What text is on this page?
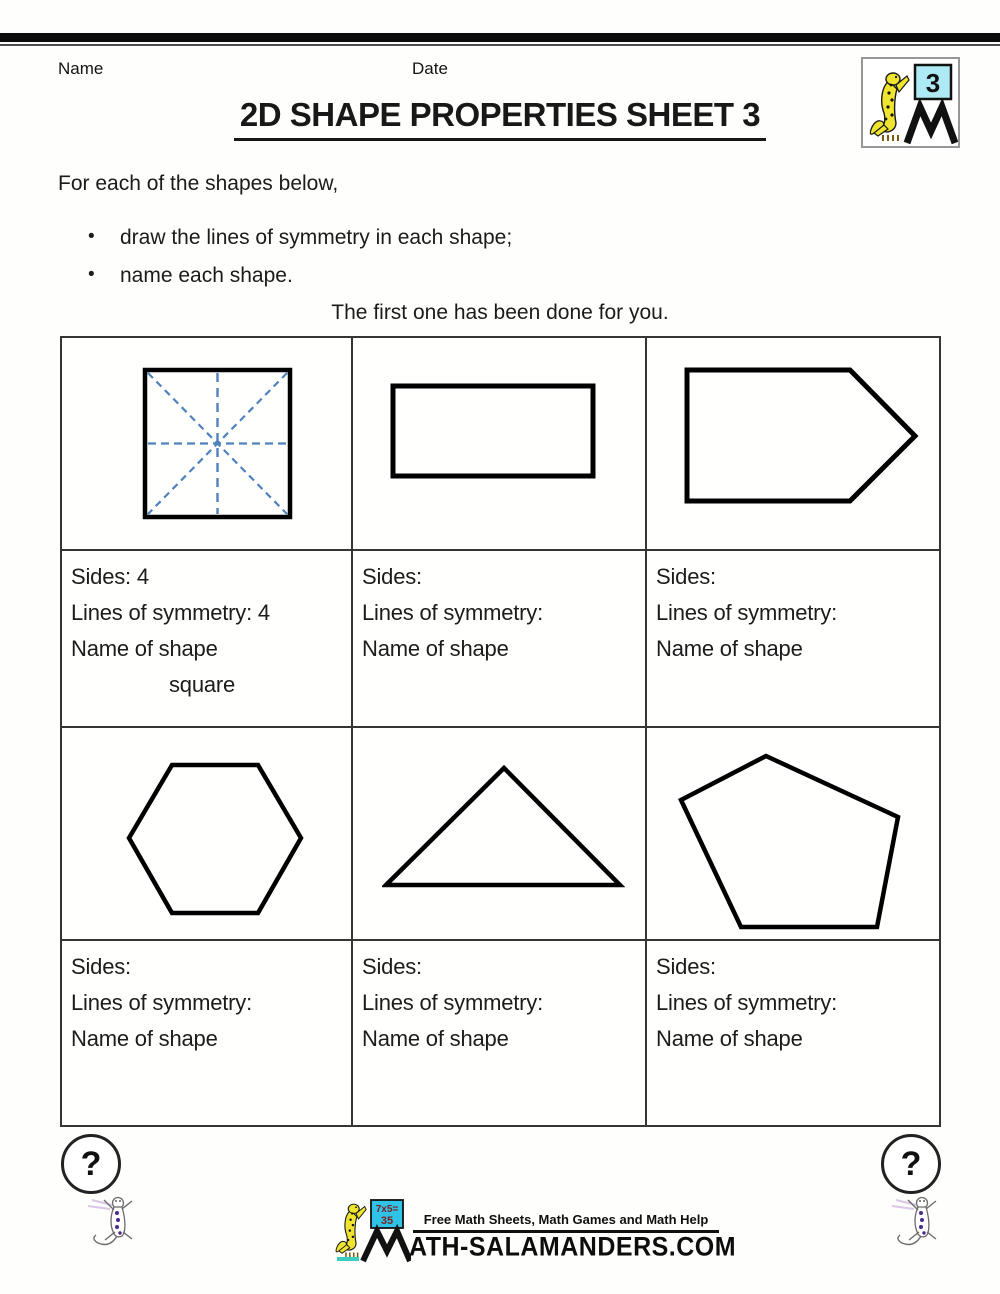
Name	Date	3
2D SHAPE PROPERTIES SHEET 3
For each of the shapes below,
•	draw the lines of symmetry in each shape;
•	name each shape.
The first one has been done for you.
Sides: 4
Lines of symmetry: 4
Name of shape
square
Sides:
Lines of symmetry:
Name of shape
Sides:
Lines of symmetry:
Name of shape
Sides:
Lines of symmetry:
Name of shape
Sides:
Lines of symmetry:
Name of shape
Sides:
Lines of symmetry:
Name of shape
?	?
7x5=
35	Free Math Sheets, Math Games and Math Help
ATH-SALAMANDERS.COM
